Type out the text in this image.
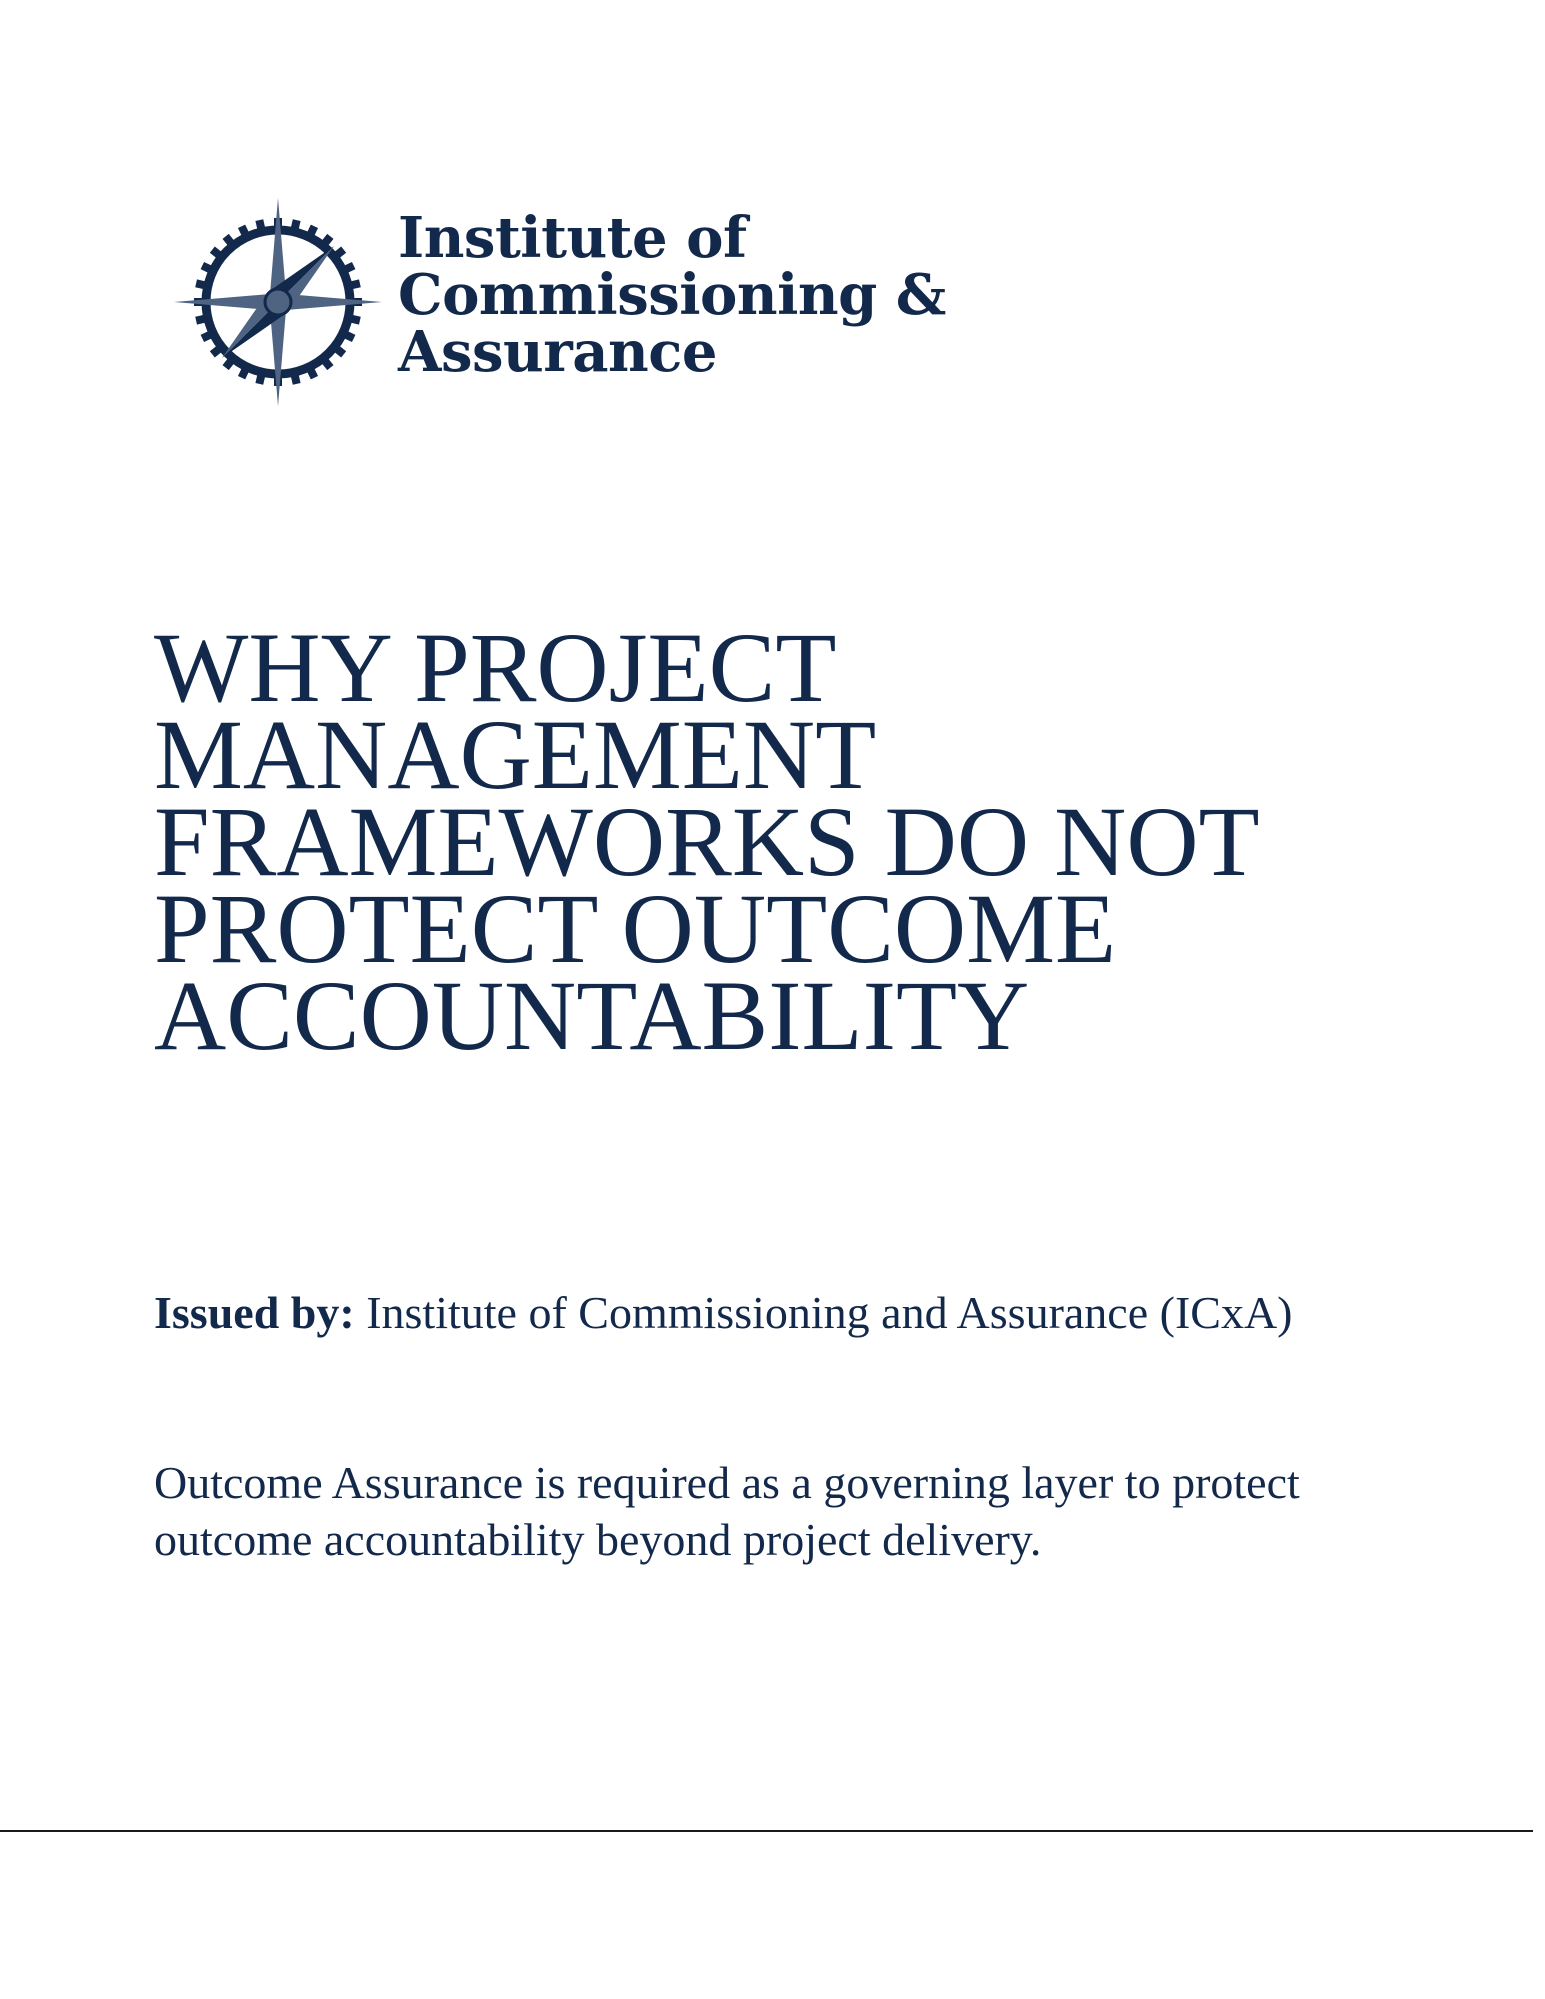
Institute of
Commissioning &
Assurance
WHY PROJECT
MANAGEMENT
FRAMEWORKS DO NOT
PROTECT OUTCOME
ACCOUNTABILITY

Issued by: Institute of Commissioning and Assurance (ICxA)

Outcome Assurance is required as a governing layer to protect outcome accountability beyond project delivery.
